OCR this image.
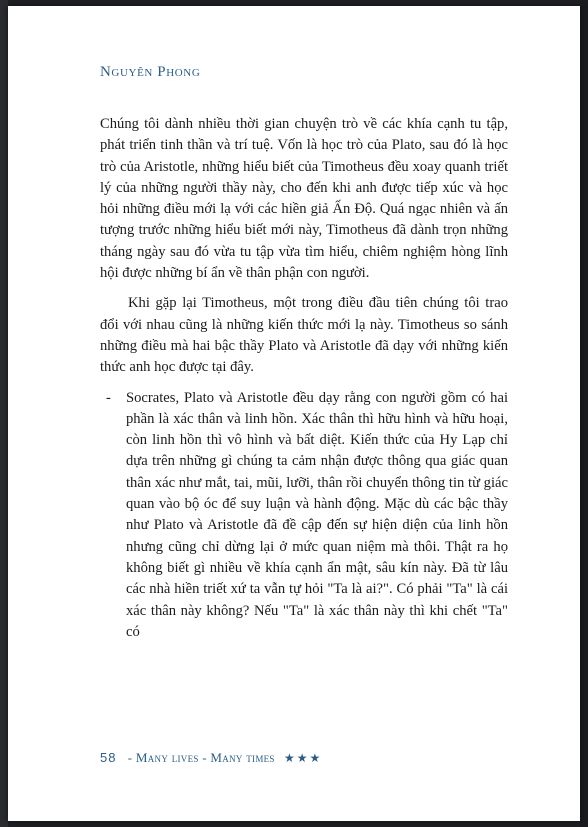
Nguyên Phong

Chúng tôi dành nhiều thời gian chuyện trò về các khía cạnh tu tập, phát triển tinh thần và trí tuệ. Vốn là học trò của Plato, sau đó là học trò của Aristotle, những hiểu biết của Timotheus đều xoay quanh triết lý của những người thầy này, cho đến khi anh được tiếp xúc và học hỏi những điều mới lạ với các hiền giả Ấn Độ. Quá ngạc nhiên và ấn tượng trước những hiểu biết mới này, Timotheus đã dành trọn những tháng ngày sau đó vừa tu tập vừa tìm hiểu, chiêm nghiệm hòng lĩnh hội được những bí ẩn về thân phận con người.

Khi gặp lại Timotheus, một trong điều đầu tiên chúng tôi trao đổi với nhau cũng là những kiến thức mới lạ này. Timotheus so sánh những điều mà hai bậc thầy Plato và Aristotle đã dạy với những kiến thức anh học được tại đây.

- Socrates, Plato và Aristotle đều dạy rằng con người gồm có hai phần là xác thân và linh hồn. Xác thân thì hữu hình và hữu hoại, còn linh hồn thì vô hình và bất diệt. Kiến thức của Hy Lạp chỉ dựa trên những gì chúng ta cảm nhận được thông qua giác quan thân xác như mắt, tai, mũi, lưỡi, thân rồi chuyển thông tin từ giác quan vào bộ óc để suy luận và hành động. Mặc dù các bậc thầy như Plato và Aristotle đã đề cập đến sự hiện diện của linh hồn nhưng cũng chỉ dừng lại ở mức quan niệm mà thôi. Thật ra họ không biết gì nhiều về khía cạnh ẩn mật, sâu kín này. Đã từ lâu các nhà hiền triết xứ ta vẫn tự hỏi "Ta là ai?". Có phải "Ta" là cái xác thân này không? Nếu "Ta" là xác thân này thì khi chết "Ta" có
58 - Many lives - Many times ★★★
